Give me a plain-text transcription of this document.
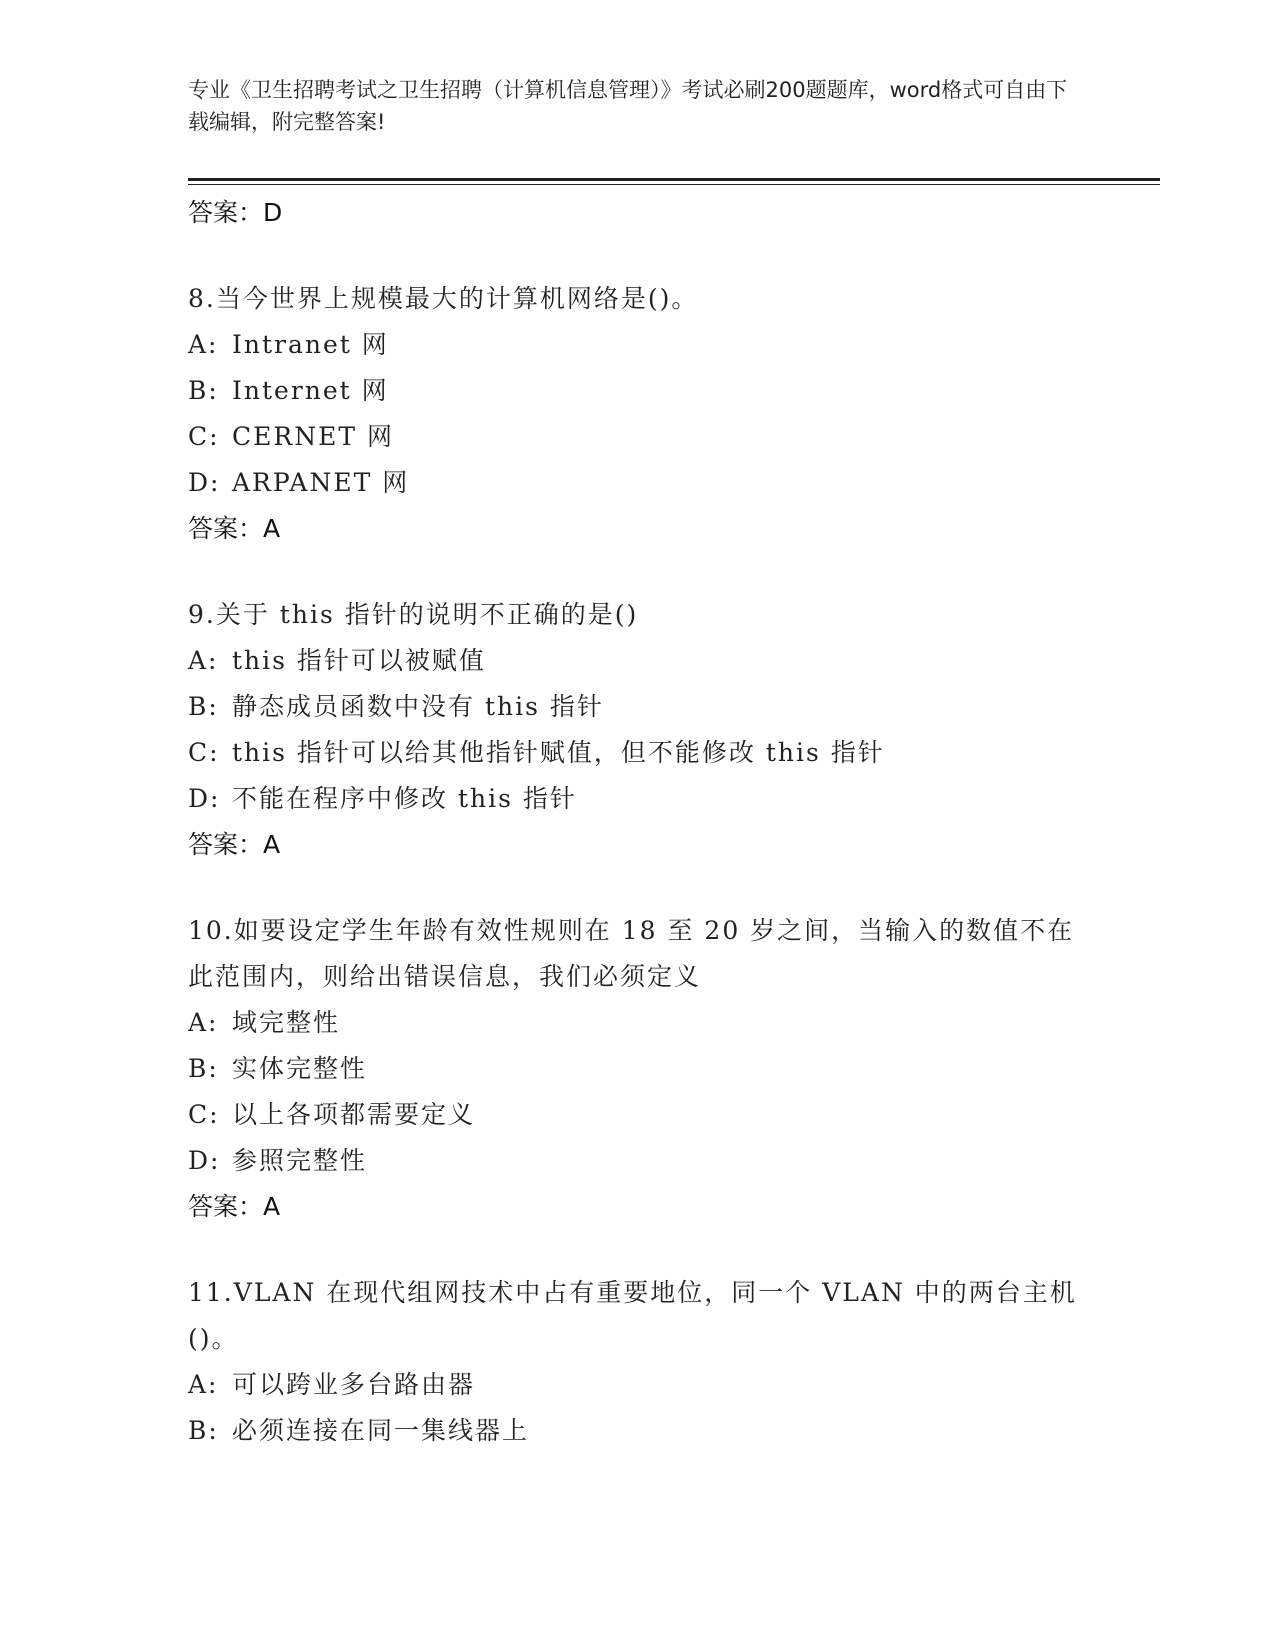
专业《卫生招聘考试之卫生招聘（计算机信息管理）》考试必刷200题题库，word格式可自由下载编辑，附完整答案!

答案：D

8.当今世界上规模最大的计算机网络是()。

A: Intranet 网

B: Internet 网

C: CERNET 网

D: ARPANET 网

答案：A

9.关于 this 指针的说明不正确的是()

A: this 指针可以被赋值

B: 静态成员函数中没有 this 指针

C: this 指针可以给其他指针赋值，但不能修改 this 指针

D: 不能在程序中修改 this 指针

答案：A

10.如要设定学生年龄有效性规则在 18 至 20 岁之间，当输入的数值不在此范围内，则给出错误信息，我们必须定义

A: 域完整性

B: 实体完整性

C: 以上各项都需要定义

D: 参照完整性

答案：A

11.VLAN 在现代组网技术中占有重要地位，同一个 VLAN 中的两台主机()。

A: 可以跨业多台路由器

B: 必须连接在同一集线器上
